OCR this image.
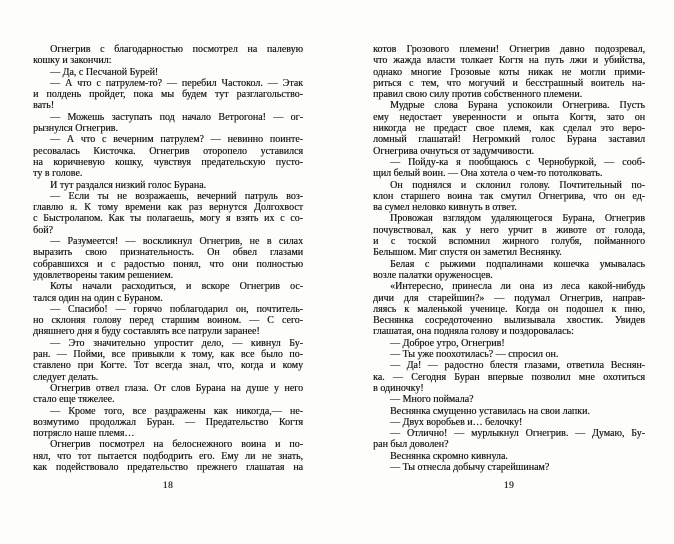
Огнегрив с благодарностью посмотрел на палевую
кошку и закончил:
— Да, с Песчаной Бурей!
— А что с патрулем-то? — перебил Частокол. — Этак
и полдень пройдет, пока мы будем тут разглагольство-
вать!
— Можешь заступать под начало Ветрогона! — ог-
рызнулся Огнегрив.
— А что с вечерним патрулем? — невинно поинте-
ресовалась Кисточка. Огнегрив оторопело уставился
на коричневую кошку, чувствуя предательскую пусто-
ту в голове.
И тут раздался низкий голос Бурана.
— Если ты не возражаешь, вечерний патруль воз-
главлю я. К тому времени как раз вернутся Долгохвост
с Быстролапом. Как ты полагаешь, могу я взять их с со-
бой?
— Разумеется! — воскликнул Огнегрив, не в силах
выразить свою признательность. Он обвел глазами
собравшихся и с радостью понял, что они полностью
удовлетворены таким решением.
Коты начали расходиться, и вскоре Огнегрив ос-
тался один на один с Бураном.
— Спасибо! — горячо поблагодарил он, почтитель-
но склоняя голову перед старшим воином. — С сего-
дняшнего дня я буду составлять все патрули заранее!
— Это значительно упростит дело, — кивнул Бу-
ран. — Пойми, все привыкли к тому, как все было по-
ставлено при Когте. Тот всегда знал, что, когда и кому
следует делать.
Огнегрив отвел глаза. От слов Бурана на душе у него
стало еще тяжелее.
— Кроме того, все раздражены как никогда,— не-
возмутимо продолжал Буран. — Предательство Когтя
потрясло наше племя…
Огнегрив посмотрел на белоснежного воина и по-
нял, что тот пытается подбодрить его. Ему ли не знать,
как подействовало предательство прежнего глашатая на
18
котов Грозового племени! Огнегрив давно подозревал,
что жажда власти толкает Когтя на путь лжи и убийства,
однако многие Грозовые коты никак не могли прими-
риться с тем, что могучий и бесстрашный воитель на-
правил свою силу против собственного племени.
Мудрые слова Бурана успокоили Огнегрива. Пусть
ему недостает уверенности и опыта Когтя, зато он
никогда не предаст свое племя, как сделал это веро-
ломный глашатай! Негромкий голос Бурана заставил
Огнегрива очнуться от задумчивости.
— Пойду-ка я пообщаюсь с Чернобуркой, — сооб-
щил белый воин. — Она хотела о чем-то потолковать.
Он поднялся и склонил голову. Почтительный по-
клон старшего воина так смутил Огнегрива, что он ед-
ва сумел неловко кивнуть в ответ.
Провожая взглядом удаляющегося Бурана, Огнегрив
почувствовал, как у него урчит в животе от голода,
и с тоской вспомнил жирного голубя, пойманного
Белышом. Миг спустя он заметил Веснянку.
Белая с рыжими подпалинами кошечка умывалась
возле палатки оруженосцев.
«Интересно, принесла ли она из леса какой-нибудь
дичи для старейшин?» — подумал Огнегрив, направ-
ляясь к маленькой ученице. Когда он подошел к пню,
Веснянка сосредоточенно вылизывала хвостик. Увидев
глашатая, она подняла голову и поздоровалась:
— Доброе утро, Огнегрив!
— Ты уже поохотилась? — спросил он.
— Да! — радостно блестя глазами, ответила Веснян-
ка. — Сегодня Буран впервые позволил мне охотиться
в одиночку!
— Много поймала?
Веснянка смущенно уставилась на свои лапки.
— Двух воробьев и… белочку!
— Отлично! — мурлыкнул Огнегрив. — Думаю, Бу-
ран был доволен?
Веснянка скромно кивнула.
— Ты отнесла добычу старейшинам?
19
